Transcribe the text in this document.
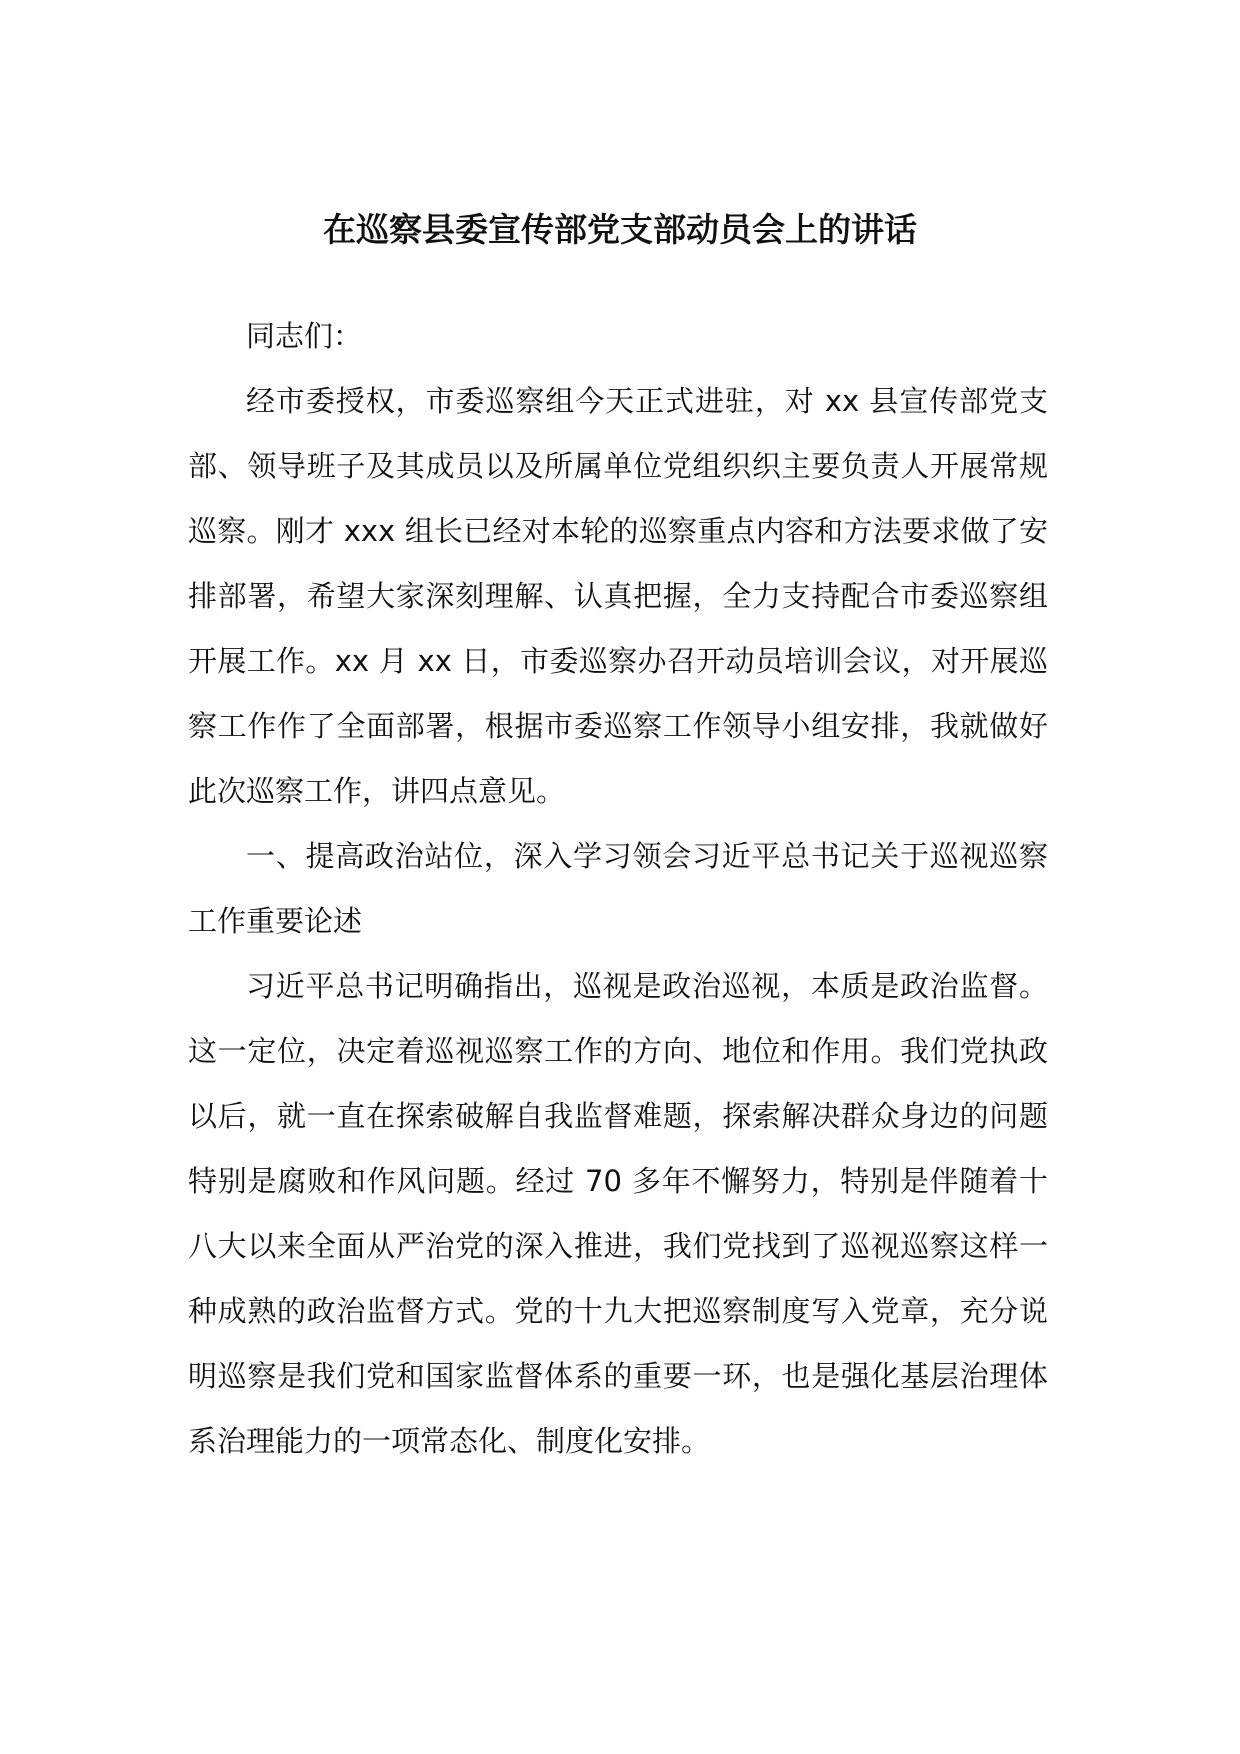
在巡察县委宣传部党支部动员会上的讲话

同志们：

经市委授权，市委巡察组今天正式进驻，对 xx 县宣传部党支部、领导班子及其成员以及所属单位党组织织主要负责人开展常规巡察。刚才 xxx 组长已经对本轮的巡察重点内容和方法要求做了安排部署，希望大家深刻理解、认真把握，全力支持配合市委巡察组开展工作。xx 月 xx 日，市委巡察办召开动员培训会议，对开展巡察工作作了全面部署，根据市委巡察工作领导小组安排，我就做好此次巡察工作，讲四点意见。

一、提高政治站位，深入学习领会习近平总书记关于巡视巡察工作重要论述

习近平总书记明确指出，巡视是政治巡视，本质是政治监督。这一定位，决定着巡视巡察工作的方向、地位和作用。我们党执政以后，就一直在探索破解自我监督难题，探索解决群众身边的问题特别是腐败和作风问题。经过 70 多年不懈努力，特别是伴随着十八大以来全面从严治党的深入推进，我们党找到了巡视巡察这样一种成熟的政治监督方式。党的十九大把巡察制度写入党章，充分说明巡察是我们党和国家监督体系的重要一环，也是强化基层治理体系治理能力的一项常态化、制度化安排。
